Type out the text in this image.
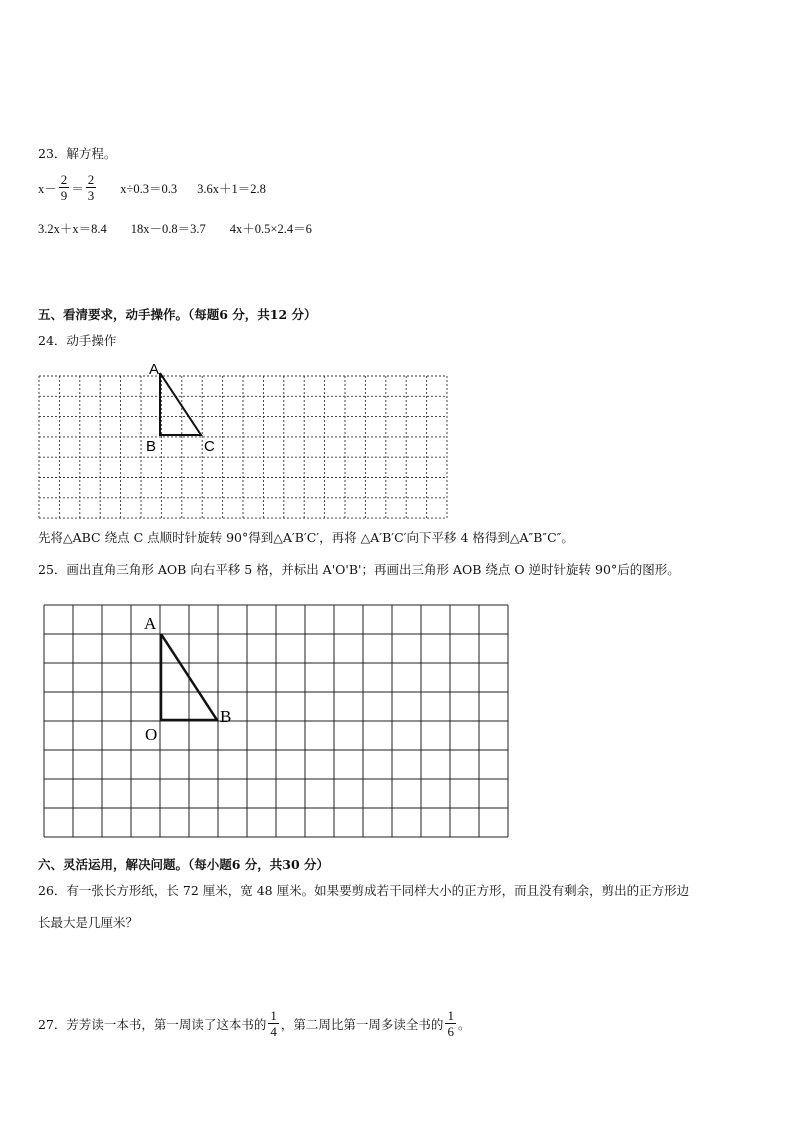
23．解方程。
$x- \frac{2}{9} = \frac{2}{3} x\div 0.3=0.3$ 3.6x＋1＝2.8
3.2x＋x＝8.4 18x－0.8＝3.7 4x＋0.5×2.4＝6
五、看清要求，动手操作。（每题6 分，共12 分）
24．动手操作
A
B	C
先将△ABC 绕点 C 点顺时针旋转 90°得到△A′B′C′，再将 △A′B′C′向下平移 4 格得到△A″B″C″。
25．画出直角三角形 AOB 向右平移 5 格，并标出 A'O'B'；再画出三角形 AOB 绕点 O 逆时针旋转 90°后的图形。
A
O
B
六、灵活运用，解决问题。（每小题6 分，共30 分）
26．有一张长方形纸，长 72 厘米，宽 48 厘米。如果要剪成若干同样大小的正方形，而且没有剩余，剪出的正方形边
长最大是几厘米？
27．芳芳读一本书，第一周读了这本书的 $\frac{1}{4}$ ，第二周比第一周多读全书的 $\frac{1}{6}$ 。
